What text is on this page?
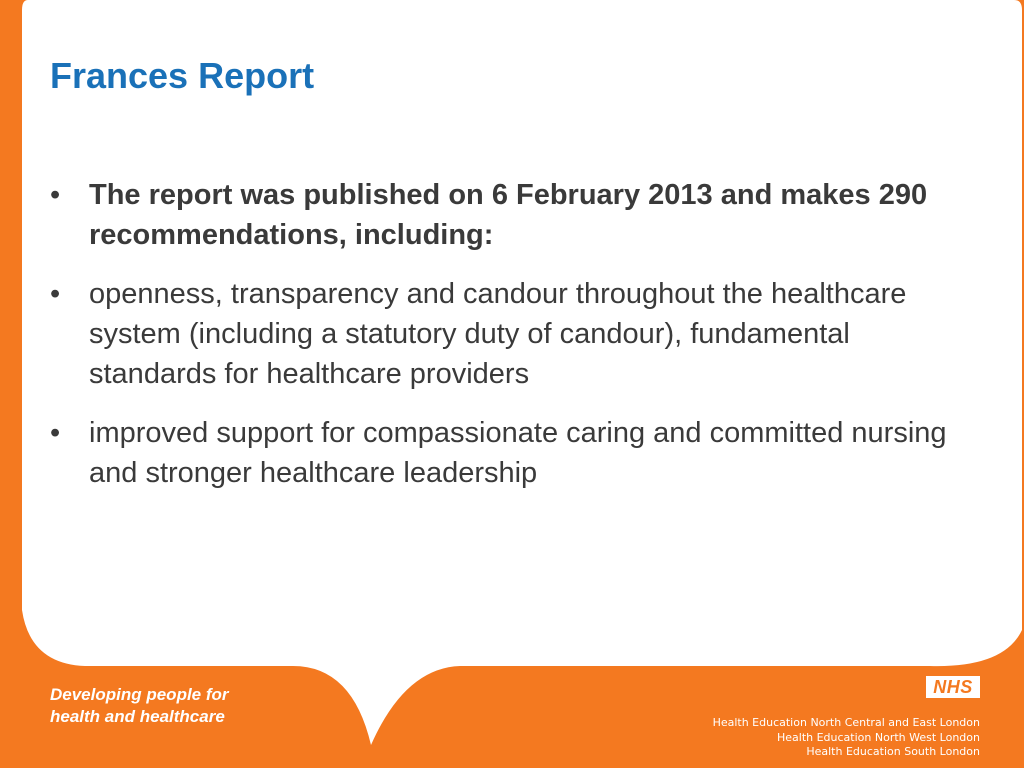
Frances Report
• The report was published on 6 February 2013 and makes 290 recommendations, including:
• openness, transparency and candour throughout the healthcare system (including a statutory duty of candour), fundamental standards for healthcare providers
• improved support for compassionate caring and committed nursing and stronger healthcare leadership
Developing people for
health and healthcare
NHS
Health Education North Central and East London
Health Education North West London
Health Education South London
